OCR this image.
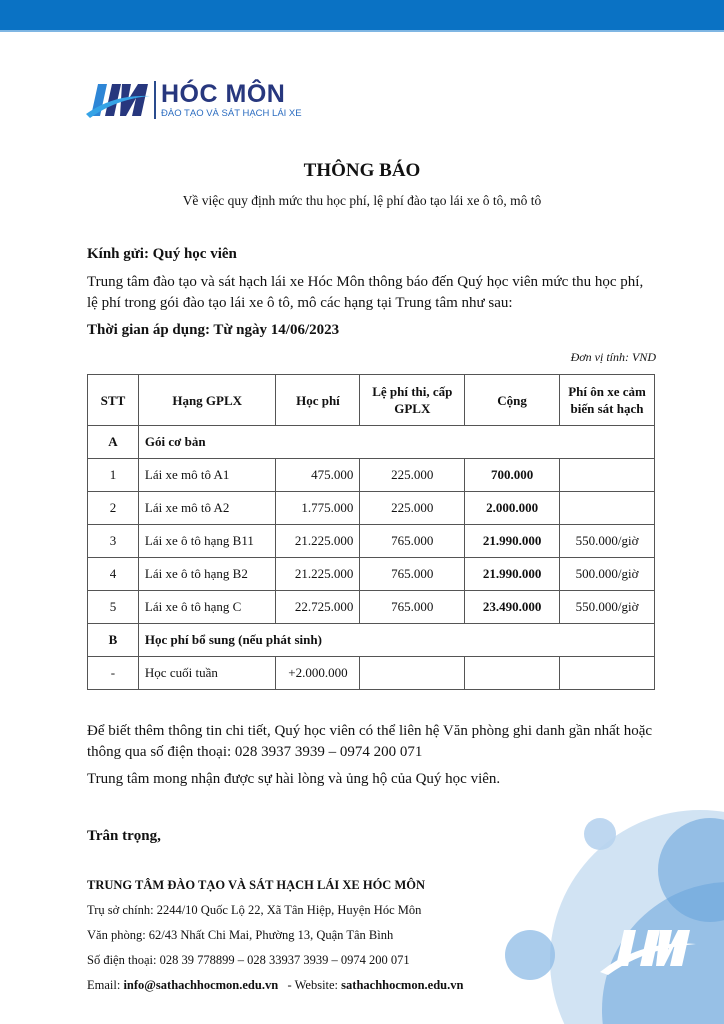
HÓC MÔN
ĐÀO TẠO VÀ SÁT HẠCH LÁI XE
THÔNG BÁO
Về việc quy định mức thu học phí, lệ phí đào tạo lái xe ô tô, mô tô
Kính gửi: Quý học viên
Trung tâm đào tạo và sát hạch lái xe Hóc Môn thông báo đến Quý học viên mức thu học phí, lệ phí trong gói đào tạo lái xe ô tô, mô các hạng tại Trung tâm như sau:
Thời gian áp dụng: Từ ngày 14/06/2023
Đơn vị tính: VND
STT	Hạng GPLX	Học phí	Lệ phí thi, cấp GPLX	Cộng	Phí ôn xe cảm biến sát hạch
A	Gói cơ bản				
1	Lái xe mô tô A1	475.000	225.000	700.000	
2	Lái xe mô tô A2	1.775.000	225.000	2.000.000	
3	Lái xe ô tô hạng B11	21.225.000	765.000	21.990.000	550.000/giờ
4	Lái xe ô tô hạng B2	21.225.000	765.000	21.990.000	500.000/giờ
5	Lái xe ô tô hạng C	22.725.000	765.000	23.490.000	550.000/giờ
B	Học phí bổ sung (nếu phát sinh)				
-	Học cuối tuần	+2.000.000			
Để biết thêm thông tin chi tiết, Quý học viên có thể liên hệ Văn phòng ghi danh gần nhất hoặc thông qua số điện thoại: 028 3937 3939 – 0974 200 071
Trung tâm mong nhận được sự hài lòng và ủng hộ của Quý học viên.
Trân trọng,
TRUNG TÂM ĐÀO TẠO VÀ SÁT HẠCH LÁI XE HÓC MÔN
Trụ sở chính: 2244/10 Quốc Lộ 22, Xã Tân Hiệp, Huyện Hóc Môn
Văn phòng: 62/43 Nhất Chi Mai, Phường 13, Quận Tân Bình
Số điện thoại: 028 39 778899 – 028 33937 3939 – 0974 200 071
Email: info@sathachhocmon.edu.vn   - Website: sathachhocmon.edu.vn
